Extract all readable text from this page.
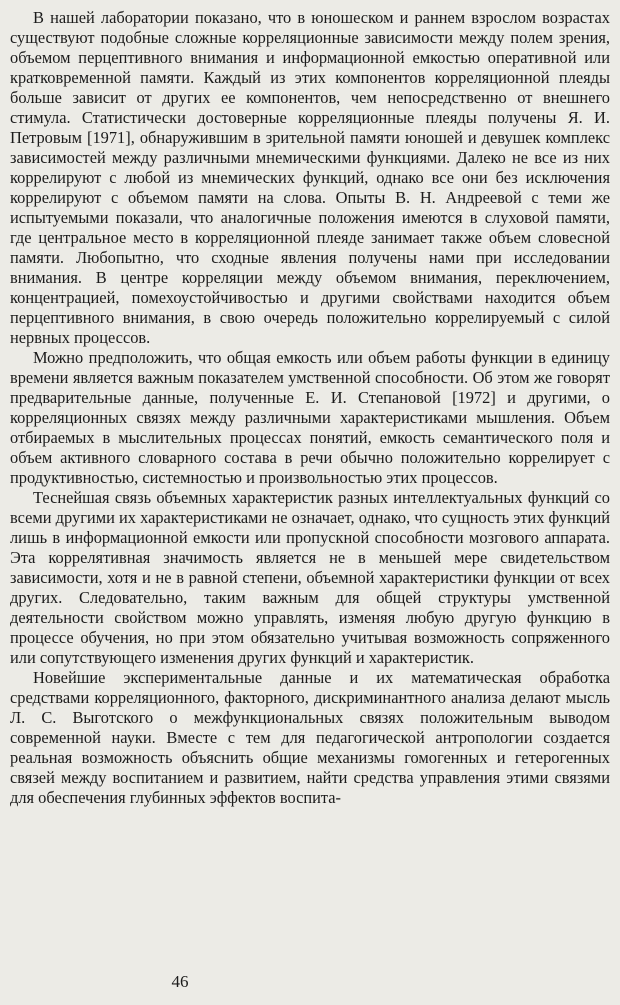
В нашей лаборатории показано, что в юношеском и раннем взрослом возрастах существуют подобные сложные корреляционные зависимости между полем зрения, объемом перцептивного внимания и информационной емкостью оперативной или кратковременной памяти. Каждый из этих компонентов корреляционной плеяды больше зависит от других ее компонентов, чем непосредственно от внешнего стимула. Статистически достоверные корреляционные плеяды получены Я. И. Петровым [1971], обнаружившим в зрительной памяти юношей и девушек комплекс зависимостей между различными мнемическими функциями. Далеко не все из них коррелируют с любой из мнемических функций, однако все они без исключения коррелируют с объемом памяти на слова. Опыты В. Н. Андреевой с теми же испытуемыми показали, что аналогичные положения имеются в слуховой памяти, где центральное место в корреляционной плеяде занимает также объем словесной памяти. Любопытно, что сходные явления получены нами при исследовании внимания. В центре корреляции между объемом внимания, переключением, концентрацией, помехоустойчивостью и другими свойствами находится объем перцептивного внимания, в свою очередь положительно коррелируемый с силой нервных процессов.

Можно предположить, что общая емкость или объем работы функции в единицу времени является важным показателем умственной способности. Об этом же говорят предварительные данные, полученные Е. И. Степановой [1972] и другими, о корреляционных связях между различными характеристиками мышления. Объем отбираемых в мыслительных процессах понятий, емкость семантического поля и объем активного словарного состава в речи обычно положительно коррелирует с продуктивностью, системностью и произвольностью этих процессов.

Теснейшая связь объемных характеристик разных интеллектуальных функций со всеми другими их характеристиками не означает, однако, что сущность этих функций лишь в информационной емкости или пропускной способности мозгового аппарата. Эта коррелятивная значимость является не в меньшей мере свидетельством зависимости, хотя и не в равной степени, объемной характеристики функции от всех других. Следовательно, таким важным для общей структуры умственной деятельности свойством можно управлять, изменяя любую другую функцию в процессе обучения, но при этом обязательно учитывая возможность сопряженного или сопутствующего изменения других функций и характеристик.

Новейшие экспериментальные данные и их математическая обработка средствами корреляционного, факторного, дискриминантного анализа делают мысль Л. С. Выготского о межфункциональных связях положительным выводом современной науки. Вместе с тем для педагогической антропологии создается реальная возможность объяснить общие механизмы гомогенных и гетерогенных связей между воспитанием и развитием, найти средства управления этими связями для обеспечения глубинных эффектов воспита-

46
